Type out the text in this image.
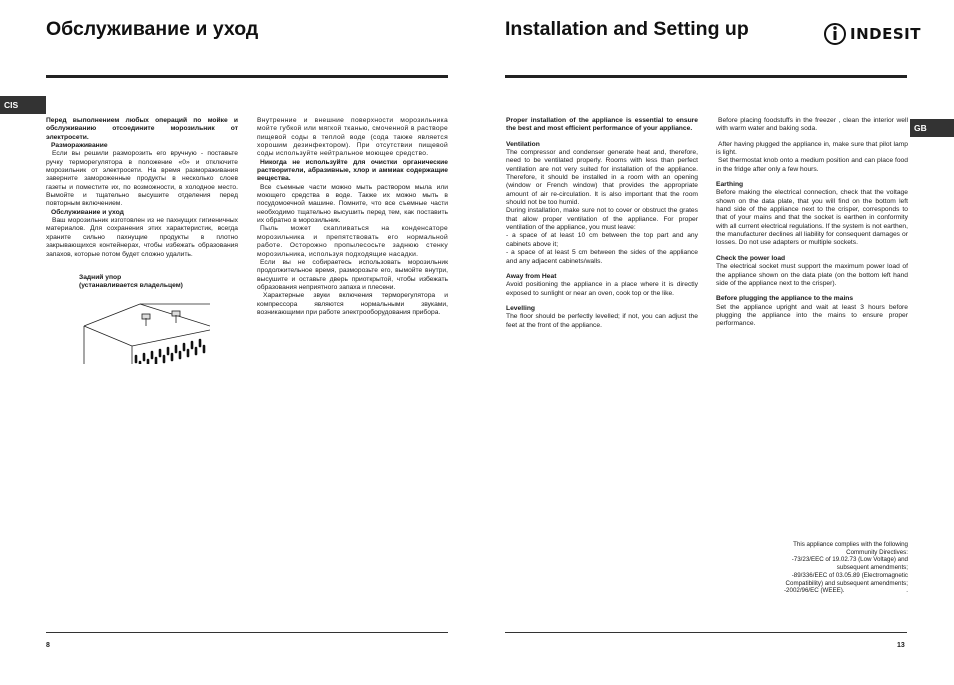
Обслуживание и уход
CIS

Перед выполнением любых операций по мойке и обслуживанию отсоедините морозильник от электросети.

Размораживание

Если вы решили разморозить его вручную - поставьте ручку терморегулятора в положение «0» и отключите морозильник от электросети. На время размораживания заверните замороженные продукты в несколько слоев газеты и поместите их, по возможности, в холодное место. Вымойте и тщательно высушите отделения перед повторным включением.

Обслуживание и уход

Ваш морозильник изготовлен из не пахнущих гигиеничных материалов. Для сохранения этих характеристик, всегда храните сильно пахнущие продукты в плотно закрывающихся контейнерах, чтобы избежать образования запахов, которые потом будет сложно удалить.

Задний упор

(устанавливается владельцем)

Внутренние и внешние поверхности морозильника мойте губкой или мягкой тканью, смоченной в растворе пищевой соды в теплой воде (сода также является хорошим дезинфектором). При отсутствии пищевой соды используйте нейтральное моющее средство.

Никогда не используйте для очистки органические растворители, абразивные, хлор и аммиак содержащие вещества.

Все съемные части можно мыть раствором мыла или моющего средства в воде. Также их можно мыть в посудомоечной машине. Помните, что все съемные части необходимо тщательно высушить перед тем, как поставить их обратно в морозильник.

Пыль может скапливаться на конденсаторе морозильника и препятствовать его нормальной работе. Осторожно пропылесосьте заднюю стенку морозильника, используя подходящие насадки.

Если вы не собираетесь использовать морозильник продолжительное время, разморозьте его, вымойте внутри, высушите и оставьте дверь приоткрытой, чтобы избежать образования неприятного запаха и плесени.

Характерные звуки включения терморегулятора и компрессора являются нормальными звуками, возникающими при работе электрооборудования прибора.

8
Installation and Setting up	INDESIT
GB

Proper installation of the appliance is essential to ensure the best and most efficient performance of your appliance.

Ventilation

The compressor and condenser generate heat and, therefore, need to be ventilated properly. Rooms with less than perfect ventilation are not very suited for installation of the appliance. Therefore, it should be installed in a room with an opening (window or French window) that provides the appropriate amount of air re-circulation. It is also important that the room should not be too humid.

During installation, make sure not to cover or obstruct the grates that allow proper ventilation of the appliance. For proper ventilation of the appliance, you must leave:

- a space of at least 10 cm between the top part and any cabinets above it;

- a space of at least 5 cm between the sides of the appliance and any adjacent cabinets/walls.

Away from Heat

Avoid positioning the appliance in a place where it is directly exposed to sunlight or near an oven, cook top or the like.

Levelling

The floor should be perfectly levelled; if not, you can adjust the feet at the front of the appliance.

Before placing foodstuffs in the freezer , clean the interior well with warm water and baking soda.

After having plugged the appliance in, make sure that pilot lamp is light.

Set thermostat knob onto a medium position and can place food in the fridge after only a few hours.

Earthing

Before making the electrical connection, check that the voltage shown on the data plate, that you will find on the bottom left hand side of the appliance next to the crisper, corresponds to that of your mains and that the socket is earthen in conformity with all current electrical regulations. If the system is not earthen, the manufacturer declines all liability for consequent damages or losses. Do not use adapters or multiple sockets.

Check the power load

The electrical socket must support the maximum power load of the appliance shown on the data plate (on the bottom left hand side of the appliance next to the crisper).

Before plugging the appliance to the mains

Set the appliance upright and wait at least 3 hours before plugging the appliance into the mains to ensure proper performance.

This appliance complies with the following
Community Directives:
-73/23/EEC of 19.02.73 (Low Voltage) and
subsequent amendments;
-89/336/EEC of 03.05.89 (Electromagnetic
Compatibility) and subsequent amendments;
-2002/96/EC (WEEE).	.
13
